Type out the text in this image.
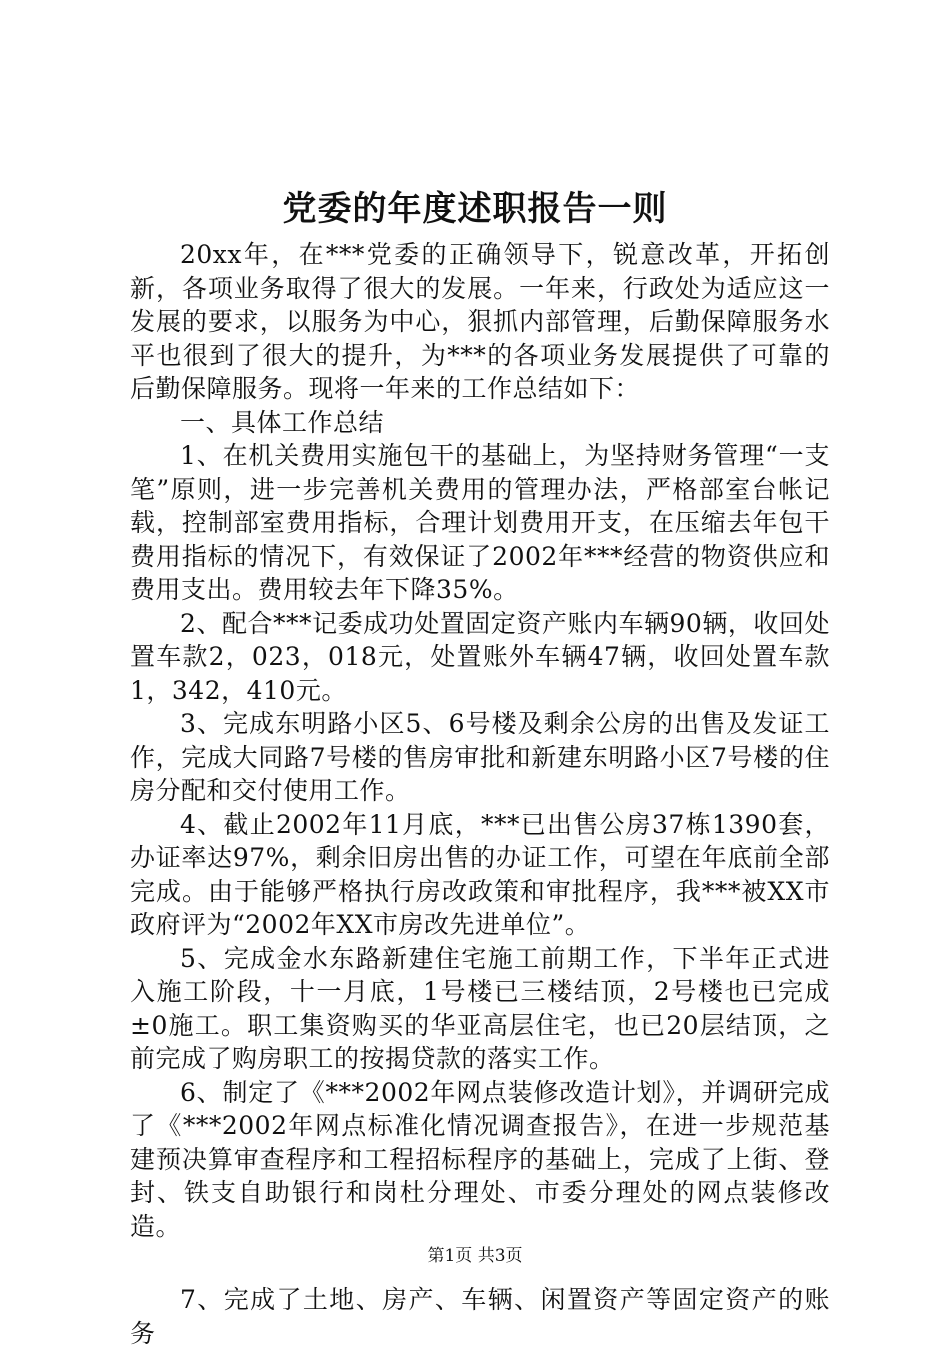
党委的年度述职报告一则

20xx年，在***党委的正确领导下，锐意改革，开拓创新，各项业务取得了很大的发展。一年来，行政处为适应这一发展的要求，以服务为中心，狠抓内部管理，后勤保障服务水平也很到了很大的提升，为***的各项业务发展提供了可靠的后勤保障服务。现将一年来的工作总结如下：

一、具体工作总结

1、在机关费用实施包干的基础上，为坚持财务管理“一支笔”原则，进一步完善机关费用的管理办法，严格部室台帐记载，控制部室费用指标，合理计划费用开支，在压缩去年包干费用指标的情况下，有效保证了2002年***经营的物资供应和费用支出。费用较去年下降35%。

2、配合***记委成功处置固定资产账内车辆90辆，收回处置车款2，023，018元，处置账外车辆47辆，收回处置车款1，342，410元。

3、完成东明路小区5、6号楼及剩余公房的出售及发证工作，完成大同路7号楼的售房审批和新建东明路小区7号楼的住房分配和交付使用工作。

4、截止2002年11月底，***已出售公房37栋1390套，办证率达97%，剩余旧房出售的办证工作，可望在年底前全部完成。由于能够严格执行房改政策和审批程序，我***被XX市政府评为“2002年XX市房改先进单位”。

5、完成金水东路新建住宅施工前期工作，下半年正式进入施工阶段，十一月底，1号楼已三楼结顶，2号楼也已完成±0施工。职工集资购买的华亚高层住宅，也已20层结顶，之前完成了购房职工的按揭贷款的落实工作。

6、制定了《***2002年网点装修改造计划》，并调研完成了《***2002年网点标准化情况调查报告》，在进一步规范基建预决算审查程序和工程招标程序的基础上，完成了上街、登封、铁支自助银行和岗杜分理处、市委分理处的网点装修改造。

7、完成了土地、房产、车辆、闲置资产等固定资产的账务

第1页 共3页
